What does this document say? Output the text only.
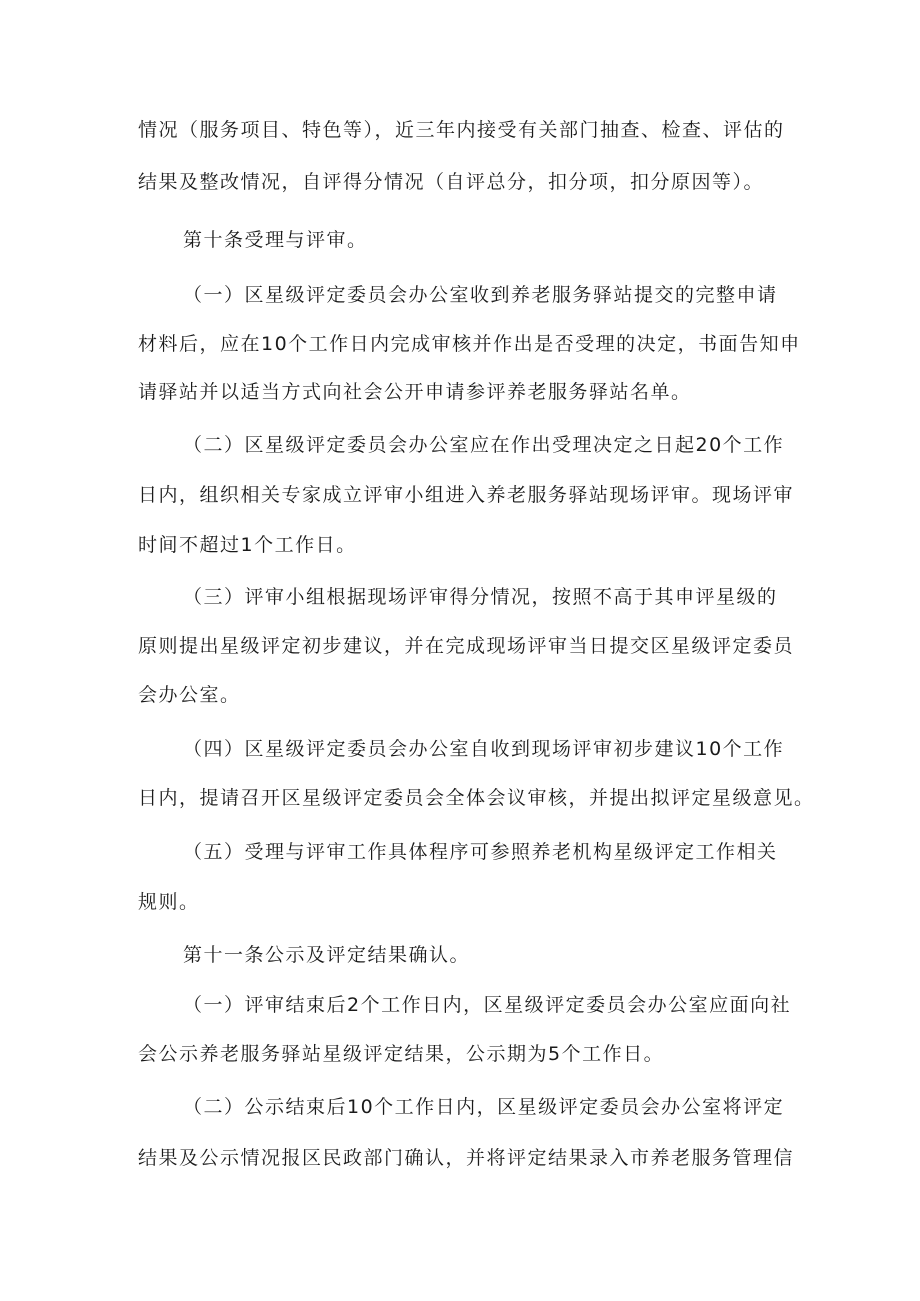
情况（服务项目、特色等），近三年内接受有关部门抽查、检查、评估的
结果及整改情况，自评得分情况（自评总分，扣分项，扣分原因等）。
第十条受理与评审。
（一）区星级评定委员会办公室收到养老服务驿站提交的完整申请
材料后，应在10个工作日内完成审核并作出是否受理的决定，书面告知申
请驿站并以适当方式向社会公开申请参评养老服务驿站名单。
（二）区星级评定委员会办公室应在作出受理决定之日起20个工作
日内，组织相关专家成立评审小组进入养老服务驿站现场评审。现场评审
时间不超过1个工作日。
（三）评审小组根据现场评审得分情况，按照不高于其申评星级的
原则提出星级评定初步建议，并在完成现场评审当日提交区星级评定委员
会办公室。
（四）区星级评定委员会办公室自收到现场评审初步建议10个工作
日内，提请召开区星级评定委员会全体会议审核，并提出拟评定星级意见。
（五）受理与评审工作具体程序可参照养老机构星级评定工作相关
规则。
第十一条公示及评定结果确认。
（一）评审结束后2个工作日内，区星级评定委员会办公室应面向社
会公示养老服务驿站星级评定结果，公示期为5个工作日。
（二）公示结束后10个工作日内，区星级评定委员会办公室将评定
结果及公示情况报区民政部门确认，并将评定结果录入市养老服务管理信
